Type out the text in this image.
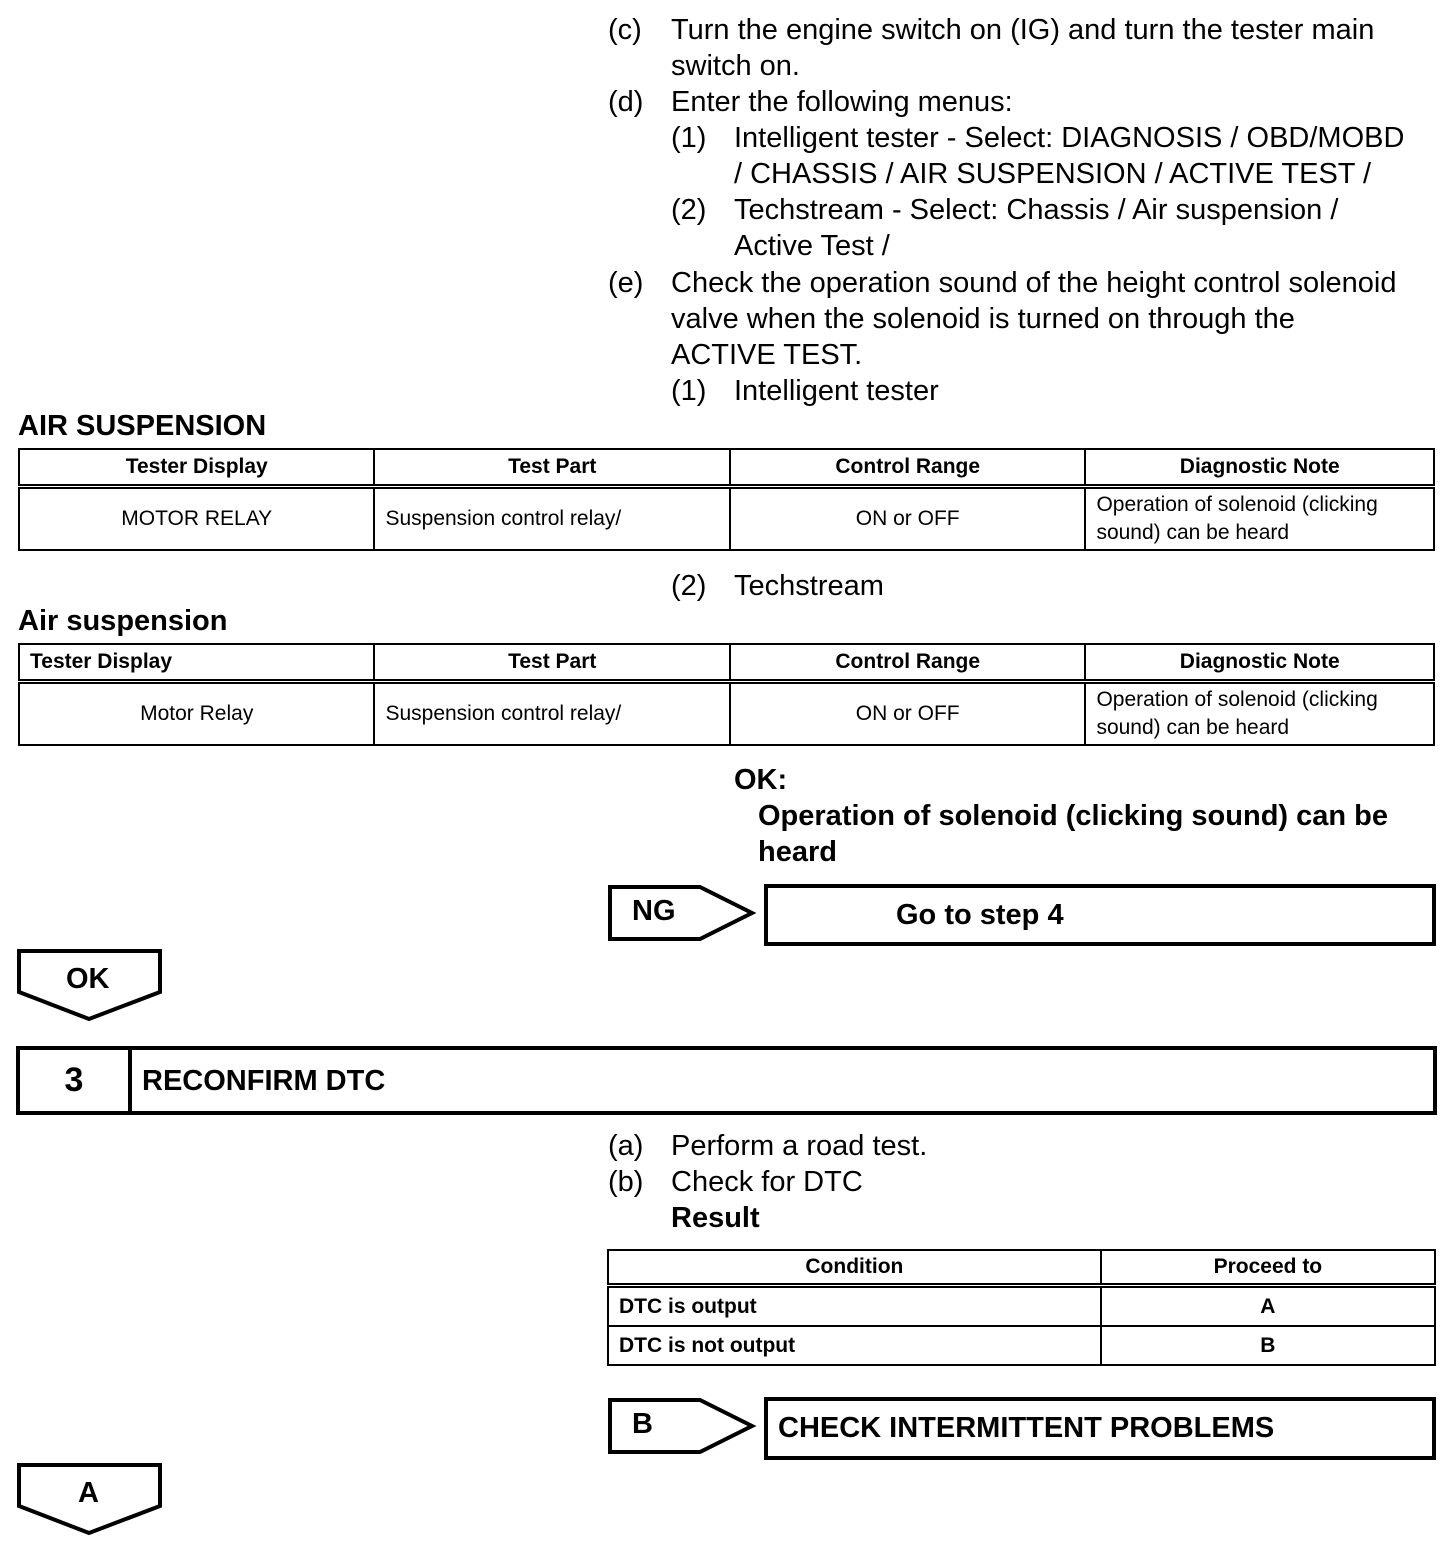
(c) Turn the engine switch on (IG) and turn the tester main
switch on.
(d) Enter the following menus:
(1) Intelligent tester - Select: DIAGNOSIS / OBD/MOBD
/ CHASSIS / AIR SUSPENSION / ACTIVE TEST /
(2) Techstream - Select: Chassis / Air suspension /
Active Test /
(e) Check the operation sound of the height control solenoid
valve when the solenoid is turned on through the
ACTIVE TEST.
(1) Intelligent tester
AIR SUSPENSION
Tester Display	Test Part	Control Range	Diagnostic Note
MOTOR RELAY	Suspension control relay/	ON or OFF	Operation of solenoid (clicking
sound) can be heard
(2) Techstream
Air suspension
Tester Display	Test Part	Control Range	Diagnostic Note
Motor Relay	Suspension control relay/	ON or OFF	Operation of solenoid (clicking
sound) can be heard
OK:
Operation of solenoid (clicking sound) can be
heard
NG	Go to step 4
OK
3	RECONFIRM DTC
(a) Perform a road test.
(b) Check for DTC
Result
Condition	Proceed to
DTC is output	A
DTC is not output	B
B	CHECK INTERMITTENT PROBLEMS
A
